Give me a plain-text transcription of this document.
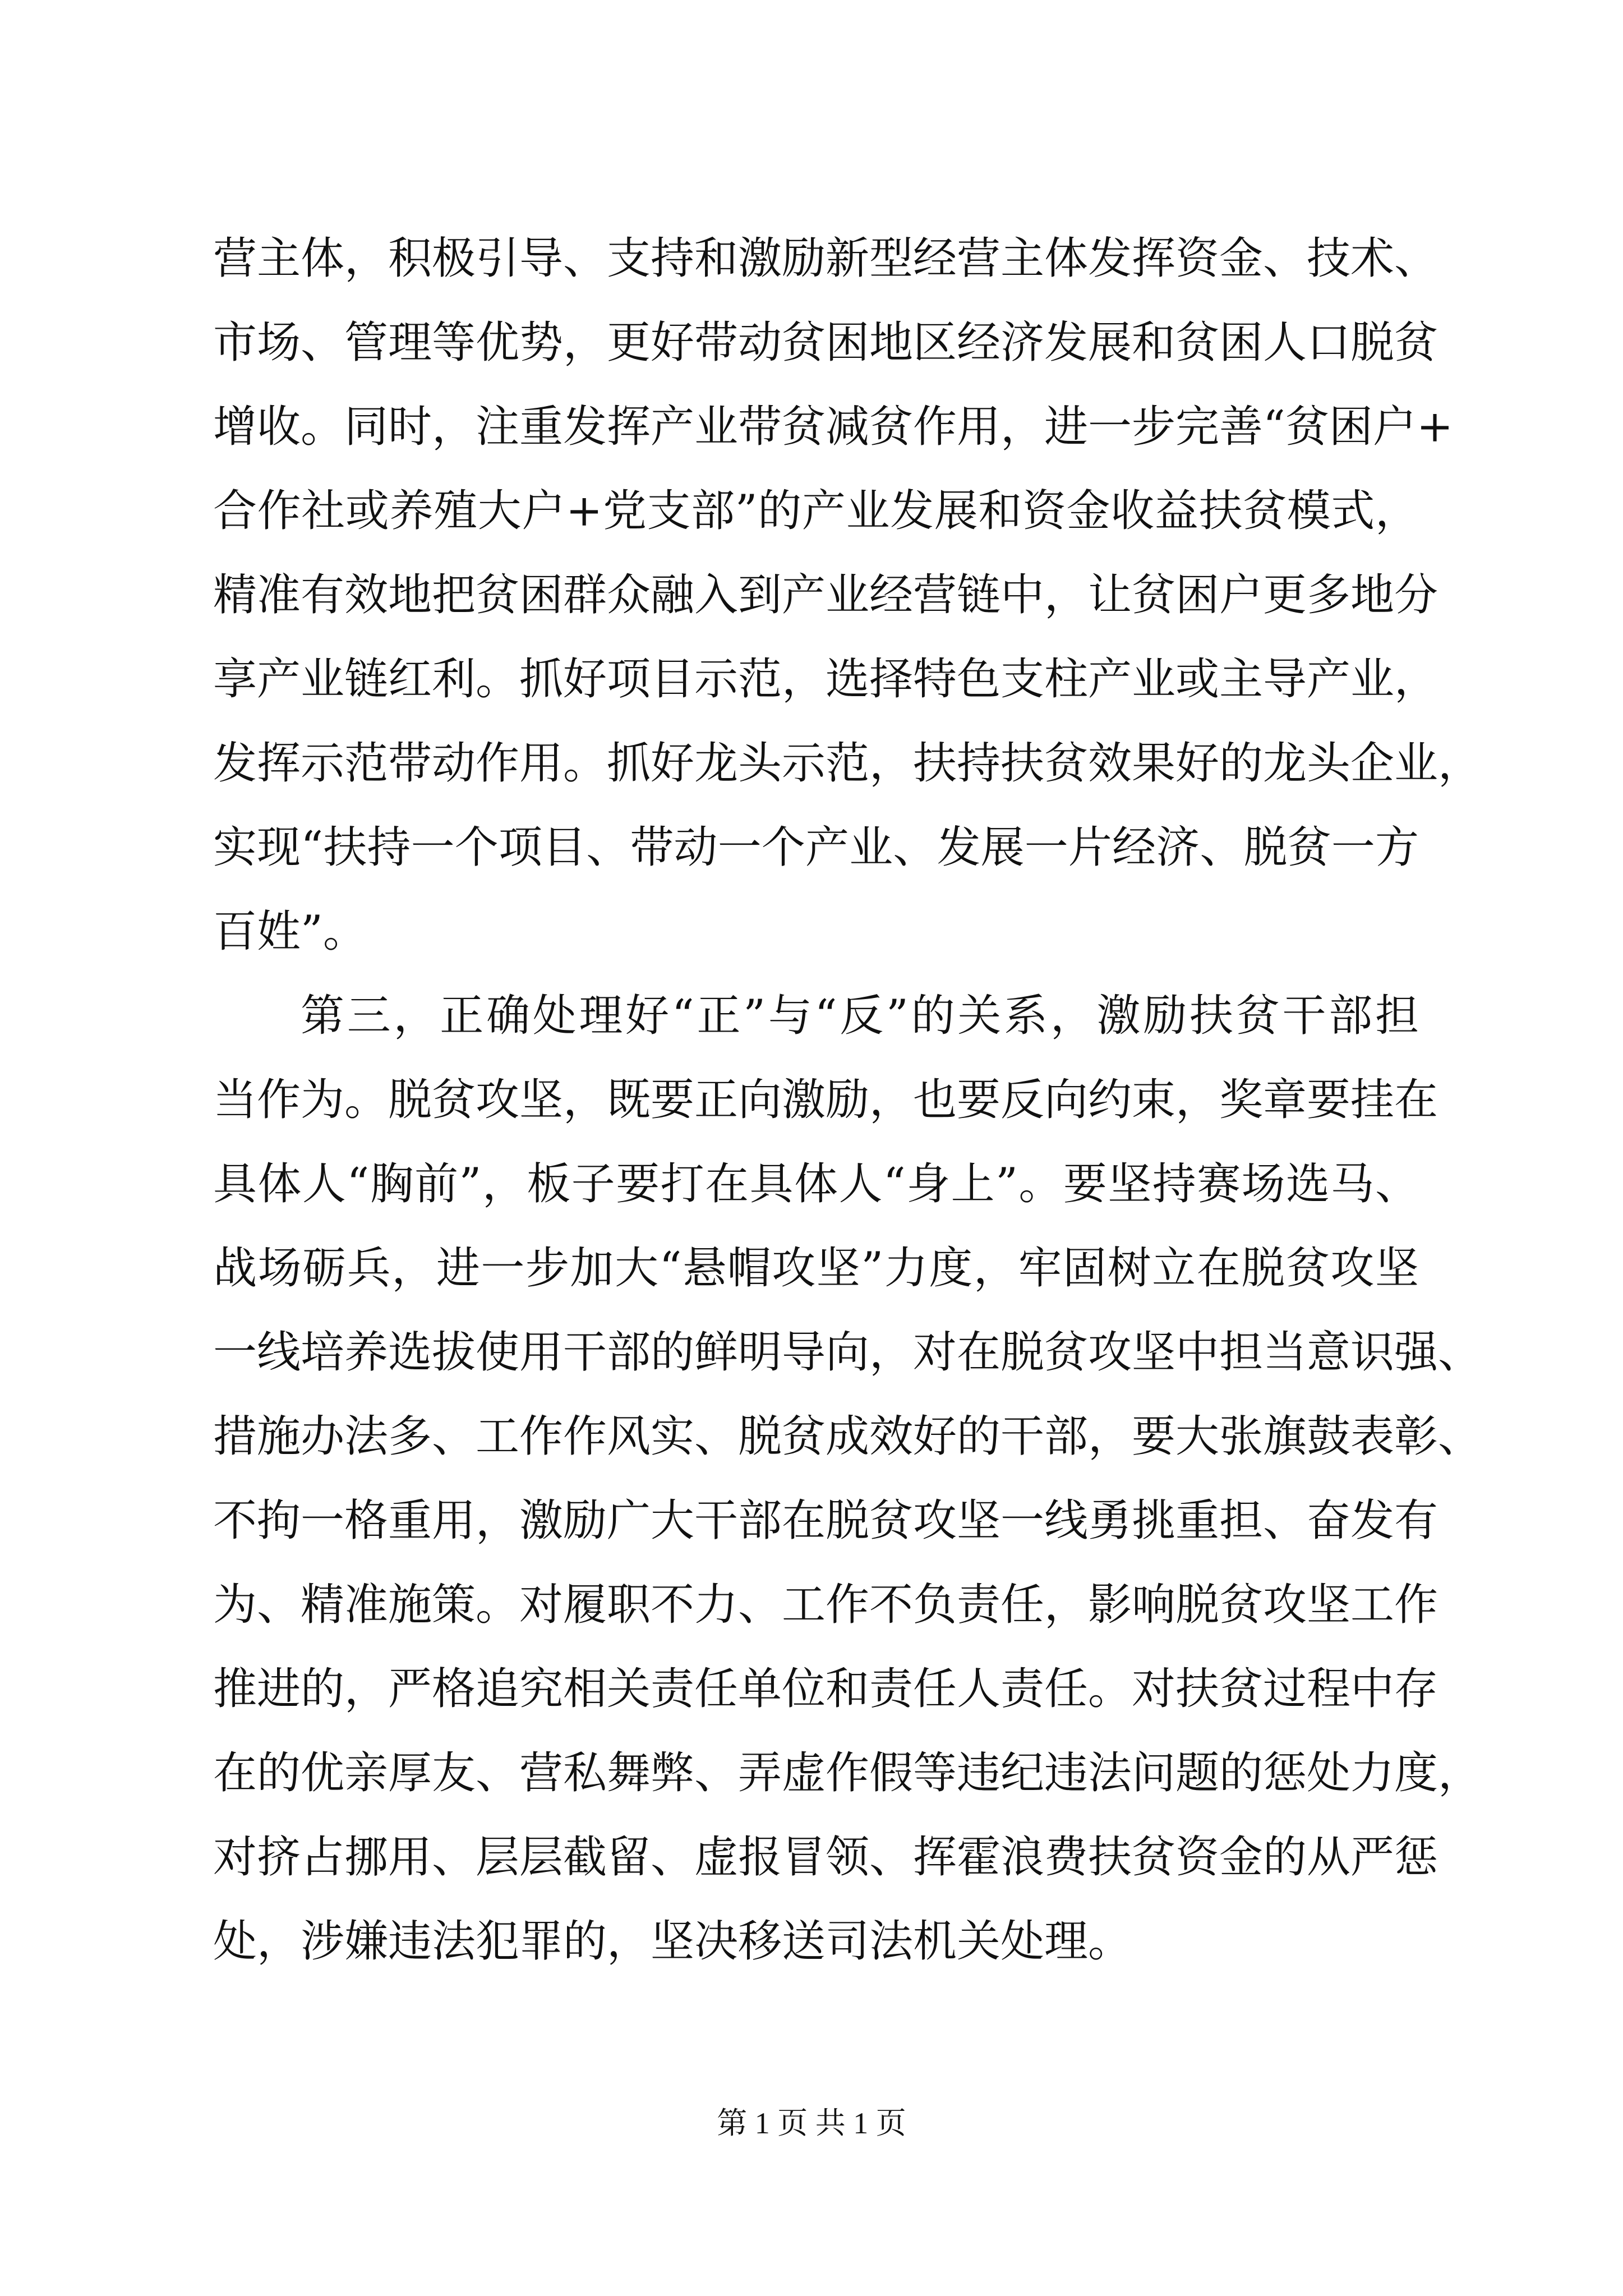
营主体，积极引导、支持和激励新型经营主体发挥资金、技术、
市场、管理等优势，更好带动贫困地区经济发展和贫困人口脱贫
增收。同时，注重发挥产业带贫减贫作用，进一步完善“贫困户+
合作社或养殖大户+党支部”的产业发展和资金收益扶贫模式，
精准有效地把贫困群众融入到产业经营链中，让贫困户更多地分
享产业链红利。抓好项目示范，选择特色支柱产业或主导产业，
发挥示范带动作用。抓好龙头示范，扶持扶贫效果好的龙头企业，
实现“扶持一个项目、带动一个产业、发展一片经济、脱贫一方
百姓”。
第三，正确处理好“正”与“反”的关系，激励扶贫干部担
当作为。脱贫攻坚，既要正向激励，也要反向约束，奖章要挂在
具体人“胸前”，板子要打在具体人“身上”。要坚持赛场选马、
战场砺兵，进一步加大“悬帽攻坚”力度，牢固树立在脱贫攻坚
一线培养选拔使用干部的鲜明导向，对在脱贫攻坚中担当意识强、
措施办法多、工作作风实、脱贫成效好的干部，要大张旗鼓表彰、
不拘一格重用，激励广大干部在脱贫攻坚一线勇挑重担、奋发有
为、精准施策。对履职不力、工作不负责任，影响脱贫攻坚工作
推进的，严格追究相关责任单位和责任人责任。对扶贫过程中存
在的优亲厚友、营私舞弊、弄虚作假等违纪违法问题的惩处力度，
对挤占挪用、层层截留、虚报冒领、挥霍浪费扶贫资金的从严惩
处，涉嫌违法犯罪的，坚决移送司法机关处理。
第 1 页 共 1 页
